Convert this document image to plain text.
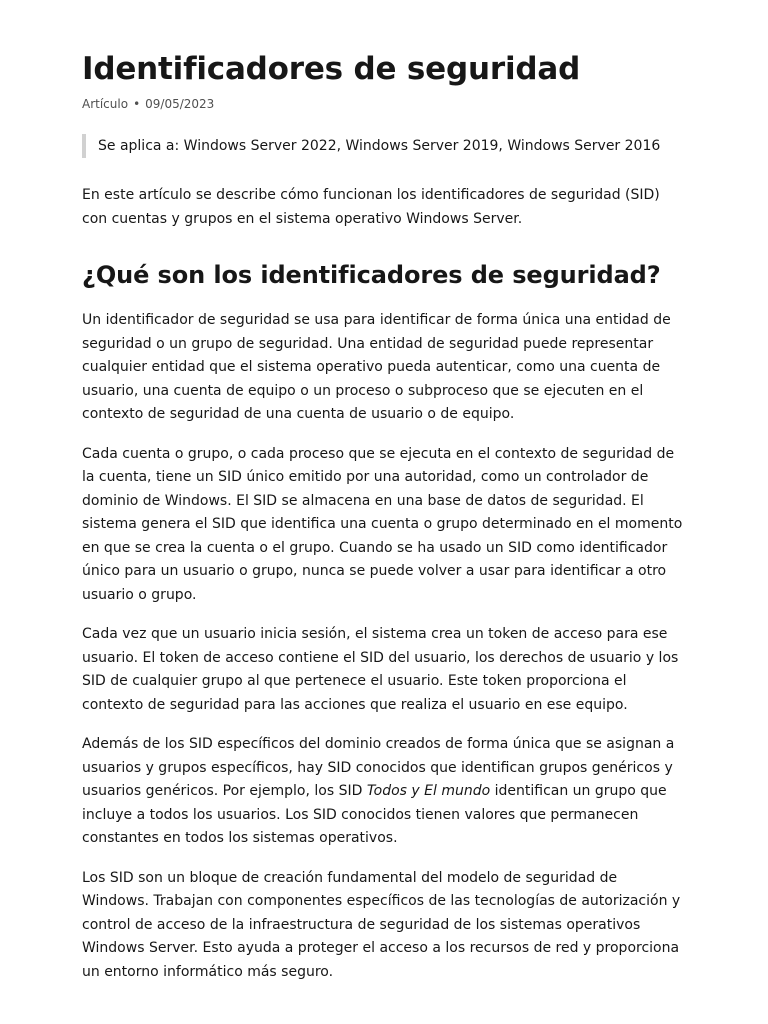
Identificadores de seguridad
Artículo • 09/05/2023
Se aplica a: Windows Server 2022, Windows Server 2019, Windows Server 2016
En este artículo se describe cómo funcionan los identificadores de seguridad (SID) con cuentas y grupos en el sistema operativo Windows Server.
¿Qué son los identificadores de seguridad?

Un identificador de seguridad se usa para identificar de forma única una entidad de seguridad o un grupo de seguridad. Una entidad de seguridad puede representar cualquier entidad que el sistema operativo pueda autenticar, como una cuenta de usuario, una cuenta de equipo o un proceso o subproceso que se ejecuten en el contexto de seguridad de una cuenta de usuario o de equipo.

Cada cuenta o grupo, o cada proceso que se ejecuta en el contexto de seguridad de la cuenta, tiene un SID único emitido por una autoridad, como un controlador de dominio de Windows. El SID se almacena en una base de datos de seguridad. El sistema genera el SID que identifica una cuenta o grupo determinado en el momento en que se crea la cuenta o el grupo. Cuando se ha usado un SID como identificador único para un usuario o grupo, nunca se puede volver a usar para identificar a otro usuario o grupo.

Cada vez que un usuario inicia sesión, el sistema crea un token de acceso para ese usuario. El token de acceso contiene el SID del usuario, los derechos de usuario y los SID de cualquier grupo al que pertenece el usuario. Este token proporciona el contexto de seguridad para las acciones que realiza el usuario en ese equipo.

Además de los SID específicos del dominio creados de forma única que se asignan a usuarios y grupos específicos, hay SID conocidos que identifican grupos genéricos y usuarios genéricos. Por ejemplo, los SID Todos y El mundo identifican un grupo que incluye a todos los usuarios. Los SID conocidos tienen valores que permanecen constantes en todos los sistemas operativos.

Los SID son un bloque de creación fundamental del modelo de seguridad de Windows. Trabajan con componentes específicos de las tecnologías de autorización y control de acceso de la infraestructura de seguridad de los sistemas operativos Windows Server. Esto ayuda a proteger el acceso a los recursos de red y proporciona un entorno informático más seguro.
